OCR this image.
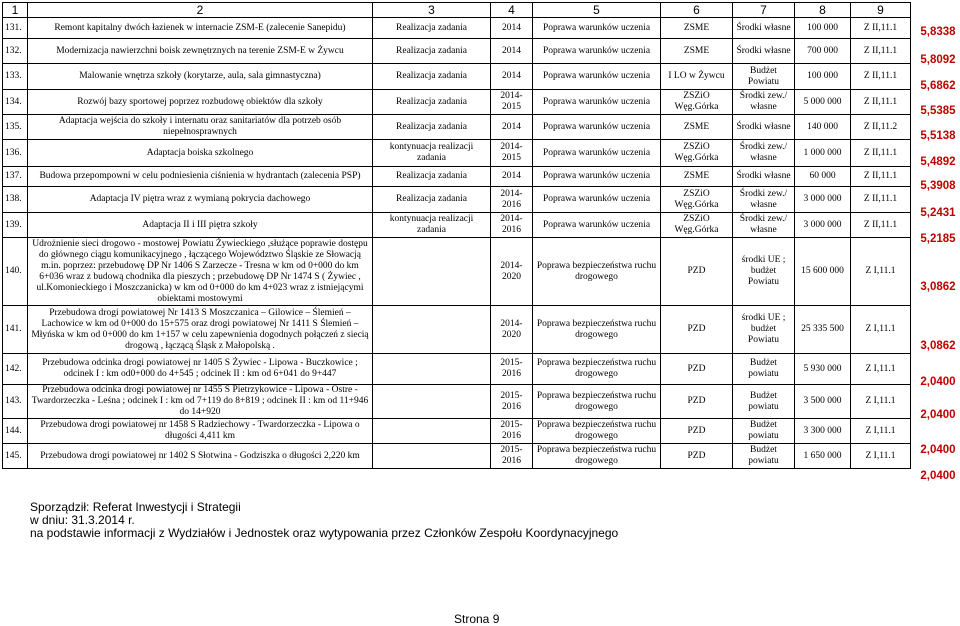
1	2	3	4	5	6	7	8	9
131.	Remont kapitalny dwóch łazienek w internacie ZSM-E (zalecenie Sanepidu)	Realizacja zadania	2014	Poprawa warunków uczenia	ZSME	Środki własne	100 000	Z II,11.1
132.	Modernizacja nawierzchni boisk zewnętrznych na terenie ZSM-E w Żywcu	Realizacja zadania	2014	Poprawa warunków uczenia	ZSME	Środki własne	700 000	Z II,11.1
133.	Malowanie wnętrza szkoły (korytarze, aula, sala gimnastyczna)	Realizacja zadania	2014	Poprawa warunków uczenia	I LO w Żywcu	Budżet Powiatu	100 000	Z II,11.1
134.	Rozwój bazy sportowej poprzez rozbudowę obiektów dla szkoły	Realizacja zadania	2014-2015	Poprawa warunków uczenia	ZSZiO Węg.Górka	Środki zew./ własne	5 000 000	Z II,11.1
135.	Adaptacja wejścia do szkoły i internatu oraz sanitariatów dla potrzeb osób niepełnosprawnych	Realizacja zadania	2014	Poprawa warunków uczenia	ZSME	Środki własne	140 000	Z II,11.2
136.	Adaptacja boiska szkolnego	kontynuacja realizacji zadania	2014-2015	Poprawa warunków uczenia	ZSZiO Węg.Górka	Środki zew./ własne	1 000 000	Z II,11.1
137.	Budowa przepompowni w celu podniesienia ciśnienia w hydrantach (zalecenia PSP)	Realizacja zadania	2014	Poprawa warunków uczenia	ZSME	Środki własne	60 000	Z II,11.1
138.	Adaptacja IV piętra wraz z wymianą pokrycia dachowego	Realizacja zadania	2014-2016	Poprawa warunków uczenia	ZSZiO Węg.Górka	Środki zew./ własne	3 000 000	Z II,11.1
139.	Adaptacja II i III piętra szkoły	kontynuacja realizacji zadania	2014-2016	Poprawa warunków uczenia	ZSZiO Węg.Górka	Środki zew./ własne	3 000 000	Z II,11.1
140.	Udrożnienie sieci drogowo - mostowej Powiatu Żywieckiego ,służące poprawie dostępu do głównego ciągu komunikacyjnego , łączącego Województwo Śląskie ze Słowacją m.in. poprzez: przebudowę DP Nr 1406 S Zarzecze - Tresna w km od 0+000 do km 6+036 wraz z budową chodnika dla pieszych ; przebudowę DP Nr 1474 S ( Żywiec , ul.Komonieckiego i Moszczanicka) w km od 0+000 do km 4+023 wraz z istniejącymi obiektami mostowymi		2014-2020	Poprawa bezpieczeństwa ruchu drogowego	PZD	środki UE ; budżet Powiatu	15 600 000	Z I,11.1
141.	Przebudowa drogi powiatowej Nr 1413 S Moszczanica – Gilowice – Ślemień – Lachowice w km od 0+000 do 15+575 oraz drogi powiatowej Nr 1411 S Ślemień – Młyńska w km od 0+000 do km 1+157 w celu zapewnienia dogodnych połączeń z siecią drogową , łączącą Śląsk z Małopolską .		2014-2020	Poprawa bezpieczeństwa ruchu drogowego	PZD	środki UE ; budżet Powiatu	25 335 500	Z I,11.1
142.	Przebudowa odcinka drogi powiatowej nr 1405 S Żywiec - Lipowa - Buczkowice ; odcinek I : km od0+000 do 4+545 ; odcinek II : km od 6+041 do 9+447		2015-2016	Poprawa bezpieczeństwa ruchu drogowego	PZD	Budżet powiatu	5 930 000	Z I,11.1
143.	Przebudowa odcinka drogi powiatowej nr 1455 S Pietrzykowice - Lipowa - Ostre - Twardorzeczka - Leśna ; odcinek I : km od 7+119 do 8+819 ; odcinek II : km od 11+946 do 14+920		2015-2016	Poprawa bezpieczeństwa ruchu drogowego	PZD	Budżet powiatu	3 500 000	Z I,11.1
144.	Przebudowa drogi powiatowej nr 1458 S Radziechowy - Twardorzeczka - Lipowa o długości 4,411 km		2015-2016	Poprawa bezpieczeństwa ruchu drogowego	PZD	Budżet powiatu	3 300 000	Z I,11.1
145.	Przebudowa drogi powiatowej nr 1402 S Słotwina - Godziszka o długości 2,220 km		2015-2016	Poprawa bezpieczeństwa ruchu drogowego	PZD	Budżet powiatu	1 650 000	Z I,11.1
5,8338
5,8092
5,6862
5,5385
5,5138
5,4892
5,3908
5,2431
5,2185
3,0862
3,0862
2,0400
2,0400
2,0400
2,0400
Sporządził: Referat Inwestycji i Strategii
w dniu: 31.3.2014 r.
na podstawie informacji z Wydziałów i Jednostek oraz wytypowania przez Członków Zespołu Koordynacyjnego
Strona 9
